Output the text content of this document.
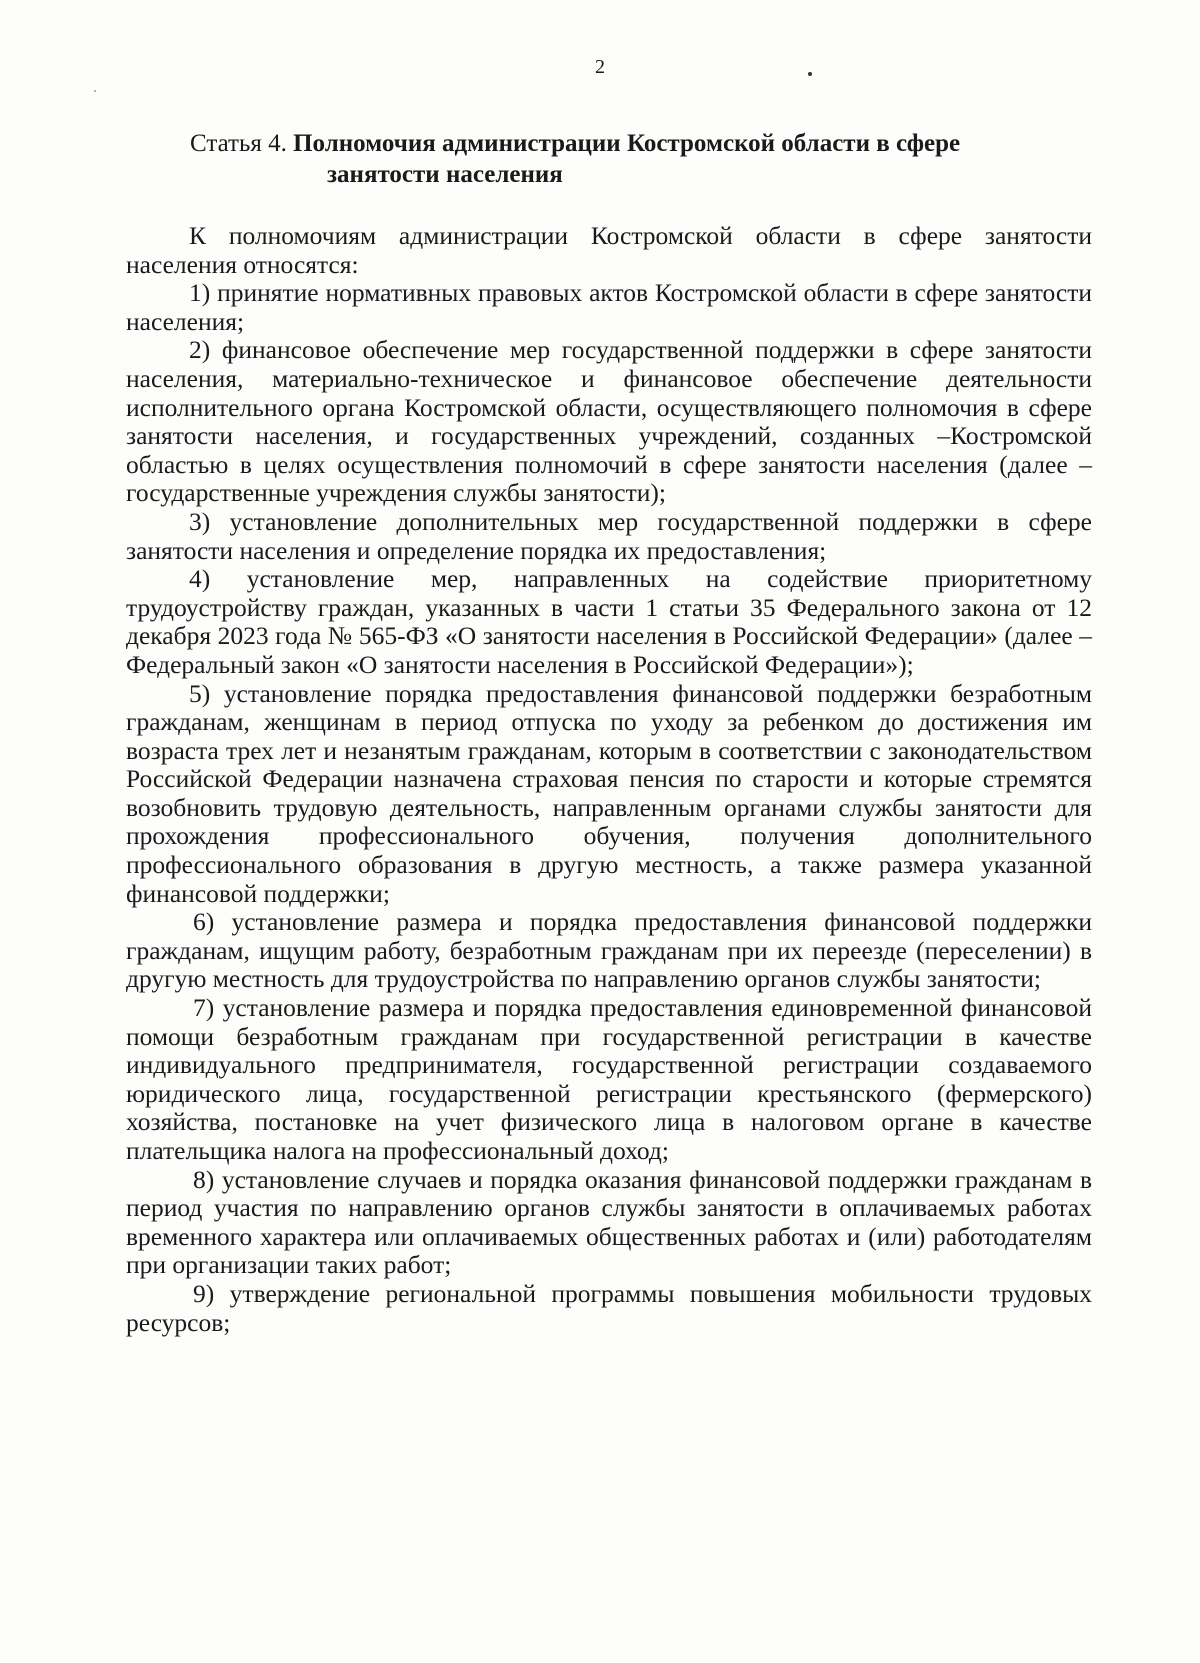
2
Статья 4. Полномочия администрации Костромской области в сфере
занятости населения

К полномочиям администрации Костромской области в сфере занятости населения относятся:

1) принятие нормативных правовых актов Костромской области в сфере занятости населения;

2) финансовое обеспечение мер государственной поддержки в сфере занятости населения, материально-техническое и финансовое обеспечение деятельности исполнительного органа Костромской области, осуществляющего полномочия в сфере занятости населения, и государственных учреждений, созданных –Костромской областью в целях осуществления полномочий в сфере занятости населения (далее – государственные учреждения службы занятости);

3) установление дополнительных мер государственной поддержки в сфере занятости населения и определение порядка их предоставления;

4) установление мер, направленных на содействие приоритетному трудоустройству граждан, указанных в части 1 статьи 35 Федерального закона от 12 декабря 2023 года № 565-ФЗ «О занятости населения в Российской Федерации» (далее – Федеральный закон «О занятости населения в Российской Федерации»);

5) установление порядка предоставления финансовой поддержки безработным гражданам, женщинам в период отпуска по уходу за ребенком до достижения им возраста трех лет и незанятым гражданам, которым в соответствии с законодательством Российской Федерации назначена страховая пенсия по старости и которые стремятся возобновить трудовую деятельность, направленным органами службы занятости для прохождения профессионального обучения, получения дополнительного профессионального образования в другую местность, а также размера указанной финансовой поддержки;

6) установление размера и порядка предоставления финансовой поддержки гражданам, ищущим работу, безработным гражданам при их переезде (переселении) в другую местность для трудоустройства по направлению органов службы занятости;

7) установление размера и порядка предоставления единовременной финансовой помощи безработным гражданам при государственной регистрации в качестве индивидуального предпринимателя, государственной регистрации создаваемого юридического лица, государственной регистрации крестьянского (фермерского) хозяйства, постановке на учет физического лица в налоговом органе в качестве плательщика налога на профессиональный доход;

8) установление случаев и порядка оказания финансовой поддержки гражданам в период участия по направлению органов службы занятости в оплачиваемых работах временного характера или оплачиваемых общественных работах и (или) работодателям при организации таких работ;

9) утверждение региональной программы повышения мобильности трудовых ресурсов;
